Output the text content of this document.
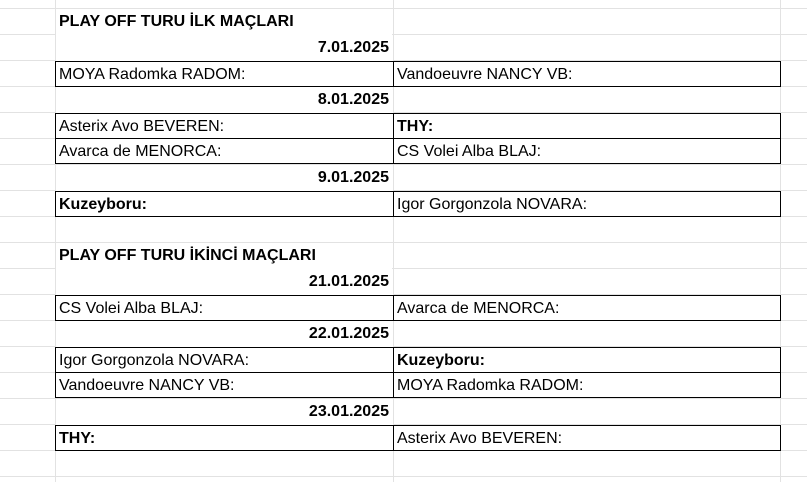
PLAY OFF TURU İLK MAÇLARI
7.01.2025
MOYA Radomka RADOM:	Vandoeuvre NANCY VB:
8.01.2025
Asterix Avo BEVEREN:	THY:
Avarca de MENORCA:	CS Volei Alba BLAJ:
9.01.2025
Kuzeyboru:	Igor Gorgonzola NOVARA:
PLAY OFF TURU İKİNCİ MAÇLARI
21.01.2025
CS Volei Alba BLAJ:	Avarca de MENORCA:
22.01.2025
Igor Gorgonzola NOVARA:	Kuzeyboru:
Vandoeuvre NANCY VB:	MOYA Radomka RADOM:
23.01.2025
THY:	Asterix Avo BEVEREN:
